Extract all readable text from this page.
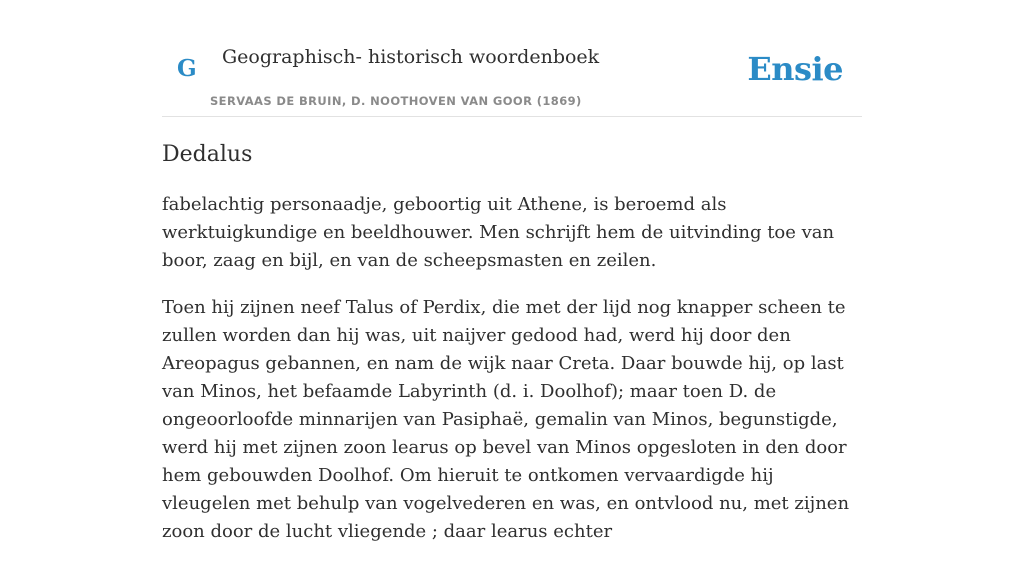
G Geographisch- historisch woordenboek
SERVAAS DE BRUIN, D. NOOTHOVEN VAN GOOR (1869)
Ensie
Dedalus

fabelachtig personaadje, geboortig uit Athene, is beroemd als werktuigkundige en beeldhouwer. Men schrijft hem de uitvinding toe van boor, zaag en bijl, en van de scheepsmasten en zeilen.

Toen hij zijnen neef Talus of Perdix, die met der lijd nog knapper scheen te zullen worden dan hij was, uit naijver gedood had, werd hij door den Areopagus gebannen, en nam de wijk naar Creta. Daar bouwde hij, op last van Minos, het befaamde Labyrinth (d. i. Doolhof); maar toen D. de ongeoorloofde minnarijen van Pasiphaë, gemalin van Minos, begunstigde, werd hij met zijnen zoon learus op bevel van Minos opgesloten in den door hem gebouwden Doolhof. Om hieruit te ontkomen vervaardigde hij vleugelen met behulp van vogelvederen en was, en ontvlood nu, met zijnen zoon door de lucht vliegende ; daar learus echter
